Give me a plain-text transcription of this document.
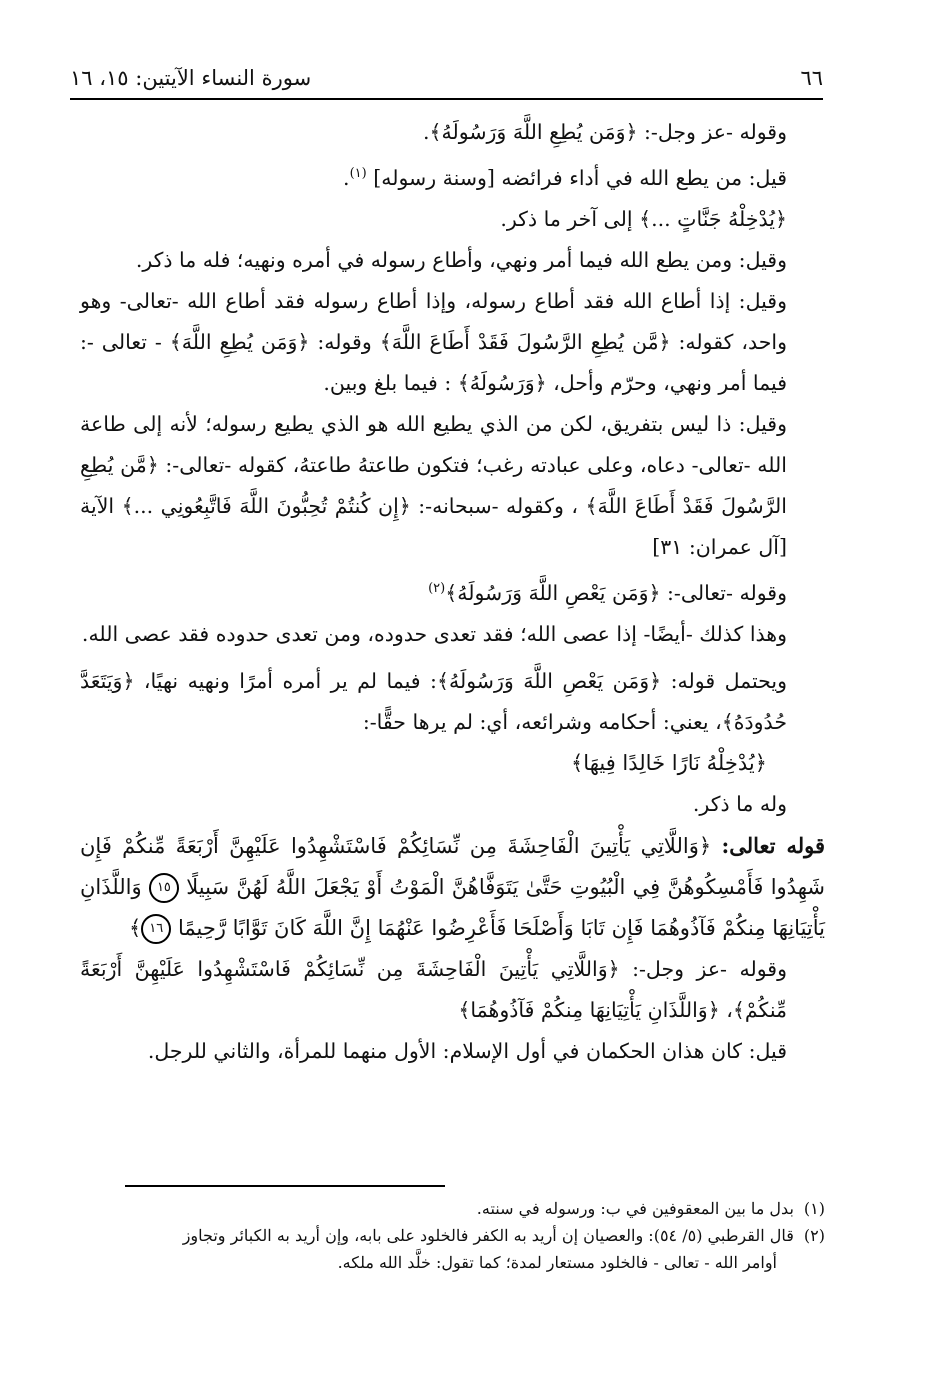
٦٦
سورة النساء الآيتين: ١٥، ١٦

وقوله -عز وجل-: ﴿وَمَن يُطِعِ اللَّهَ وَرَسُولَهُ﴾.

قيل: من يطع الله في أداء فرائضه [وسنة رسوله] $^{(١)}$.

﴿يُدْخِلْهُ جَنَّاتٍ ...﴾ إلى آخر ما ذكر.

وقيل: ومن يطع الله فيما أمر ونهي، وأطاع رسوله في أمره ونهيه؛ فله ما ذكر.

وقيل: إذا أطاع الله فقد أطاع رسوله، وإذا أطاع رسوله فقد أطاع الله -تعالى- وهو واحد، كقوله: ﴿مَّن يُطِعِ الرَّسُولَ فَقَدْ أَطَاعَ اللَّهَ﴾ وقوله: ﴿وَمَن يُطِعِ اللَّهَ﴾ - تعالى -: فيما أمر ونهي، وحرّم وأحل، ﴿وَرَسُولَهُ﴾ : فيما بلغ وبين.

وقيل: ذا ليس بتفريق، لكن من الذي يطيع الله هو الذي يطيع رسوله؛ لأنه إلى طاعة الله -تعالى- دعاه، وعلى عبادته رغب؛ فتكون طاعتهُ طاعتهُ، كقوله -تعالى-: ﴿مَّن يُطِعِ الرَّسُولَ فَقَدْ أَطَاعَ اللَّهَ﴾ ، وكقوله -سبحانه-: ﴿إِن كُنتُمْ تُحِبُّونَ اللَّهَ فَاتَّبِعُونِي ...﴾ الآية [آل عمران: ٣١]

وقوله -تعالى-: ﴿وَمَن يَعْصِ اللَّهَ وَرَسُولَهُ﴾$^{(٢)}$

وهذا كذلك -أيضًا- إذا عصى الله؛ فقد تعدى حدوده، ومن تعدى حدوده فقد عصى الله.

ويحتمل قوله: ﴿وَمَن يَعْصِ اللَّهَ وَرَسُولَهُ﴾: فيما لم ير أمره أمرًا ونهيه نهيًا، ﴿وَيَتَعَدَّ حُدُودَهُ﴾، يعني: أحكامه وشرائعه، أي: لم يرها حقًّا-:

﴿يُدْخِلْهُ نَارًا خَالِدًا فِيهَا﴾

وله ما ذكر.

قوله تعالى: ﴿وَاللَّاتِي يَأْتِينَ الْفَاحِشَةَ مِن نِّسَائِكُمْ فَاسْتَشْهِدُوا عَلَيْهِنَّ أَرْبَعَةً مِّنكُمْ فَإِن شَهِدُوا فَأَمْسِكُوهُنَّ فِي الْبُيُوتِ حَتَّىٰ يَتَوَفَّاهُنَّ الْمَوْتُ أَوْ يَجْعَلَ اللَّهُ لَهُنَّ سَبِيلًا ١٥ وَاللَّذَانِ يَأْتِيَانِهَا مِنكُمْ فَآذُوهُمَا فَإِن تَابَا وَأَصْلَحَا فَأَعْرِضُوا عَنْهُمَا إِنَّ اللَّهَ كَانَ تَوَّابًا رَّحِيمًا ١٦﴾

وقوله -عز وجل-: ﴿وَاللَّاتِي يَأْتِينَ الْفَاحِشَةَ مِن نِّسَائِكُمْ فَاسْتَشْهِدُوا عَلَيْهِنَّ أَرْبَعَةً مِّنكُمْ﴾، ﴿وَاللَّذَانِ يَأْتِيَانِهَا مِنكُمْ فَآذُوهُمَا﴾

قيل: كان هذان الحكمان في أول الإسلام: الأول منهما للمرأة، والثاني للرجل.

(١)
بدل ما بين المعقوفين في ب: ورسوله في سنته.
(٢)
قال القرطبي (٥/ ٥٤): والعصيان إن أريد به الكفر فالخلود على بابه، وإن أريد به الكبائر وتجاوز
أوامر الله - تعالى - فالخلود مستعار لمدة؛ كما تقول: خلَّد الله ملكه.
